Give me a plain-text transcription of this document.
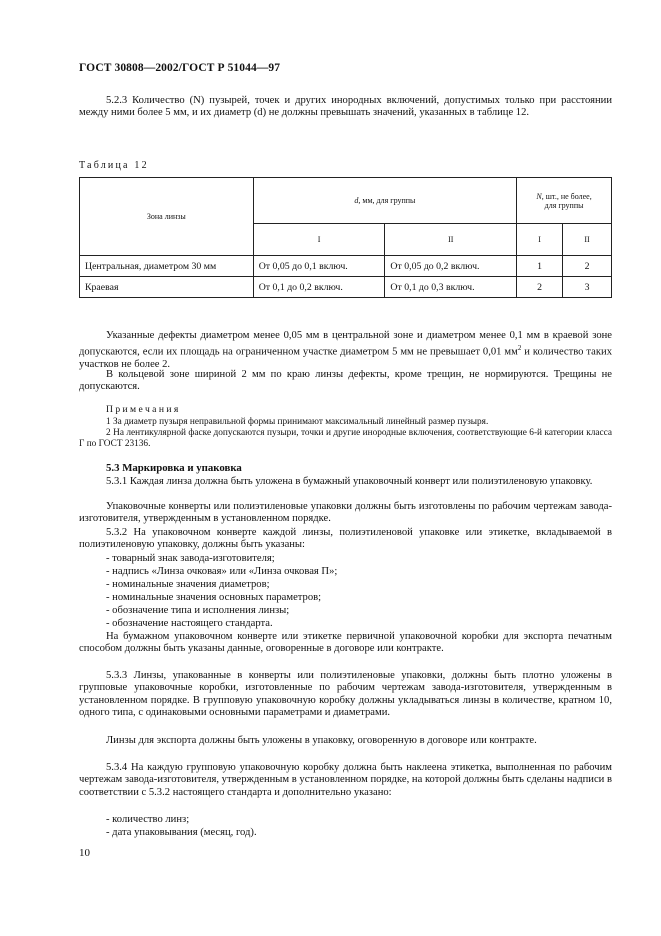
ГОСТ 30808—2002/ГОСТ Р 51044—97
5.2.3 Количество (N) пузырей, точек и других инородных включений, допустимых только при расстоянии между ними более 5 мм, и их диаметр (d) не должны превышать значений, указанных в таблице 12.
Таблица 12
Зона линзы	d, мм, для группы		N, шт., не более,
для группы	
	I	II	I	II
Центральная, диаметром 30 мм	От 0,05 до 0,1 включ.	От 0,05 до 0,2 включ.	1	2
Краевая	От 0,1 до 0,2 включ.	От 0,1 до 0,3 включ.	2	3
Указанные дефекты диаметром менее 0,05 мм в центральной зоне и диаметром менее 0,1 мм в краевой зоне допускаются, если их площадь на ограниченном участке диаметром 5 мм не превышает 0,01 $мм^2$ и количество таких участков не более 2.
В кольцевой зоне шириной 2 мм по краю линзы дефекты, кроме трещин, не нормируются. Трещины не допускаются.
Примечания
1 За диаметр пузыря неправильной формы принимают максимальный линейный размер пузыря.
2 На лентикулярной фаске допускаются пузыри, точки и другие инородные включения, соответствующие 6-й категории класса Г по ГОСТ 23136.
5.3 Маркировка и упаковка
5.3.1 Каждая линза должна быть уложена в бумажный упаковочный конверт или полиэтиленовую упаковку.
Упаковочные конверты или полиэтиленовые упаковки должны быть изготовлены по рабочим чертежам завода-изготовителя, утвержденным в установленном порядке.
5.3.2 На упаковочном конверте каждой линзы, полиэтиленовой упаковке или этикетке, вкладываемой в полиэтиленовую упаковку, должны быть указаны:
- товарный знак завода-изготовителя;
- надпись «Линза очковая» или «Линза очковая П»;
- номинальные значения диаметров;
- номинальные значения основных параметров;
- обозначение типа и исполнения линзы;
- обозначение настоящего стандарта.
На бумажном упаковочном конверте или этикетке первичной упаковочной коробки для экспорта печатным способом должны быть указаны данные, оговоренные в договоре или контракте.
5.3.3 Линзы, упакованные в конверты или полиэтиленовые упаковки, должны быть плотно уложены в групповые упаковочные коробки, изготовленные по рабочим чертежам завода-изготовителя, утвержденным в установленном порядке. В групповую упаковочную коробку должны укладываться линзы в количестве, кратном 10, одного типа, с одинаковыми основными параметрами и диаметрами.
Линзы для экспорта должны быть уложены в упаковку, оговоренную в договоре или контракте.
5.3.4 На каждую групповую упаковочную коробку должна быть наклеена этикетка, выполненная по рабочим чертежам завода-изготовителя, утвержденным в установленном порядке, на которой должны быть сделаны надписи в соответствии с 5.3.2 настоящего стандарта и дополнительно указано:
- количество линз;
- дата упаковывания (месяц, год).
10
